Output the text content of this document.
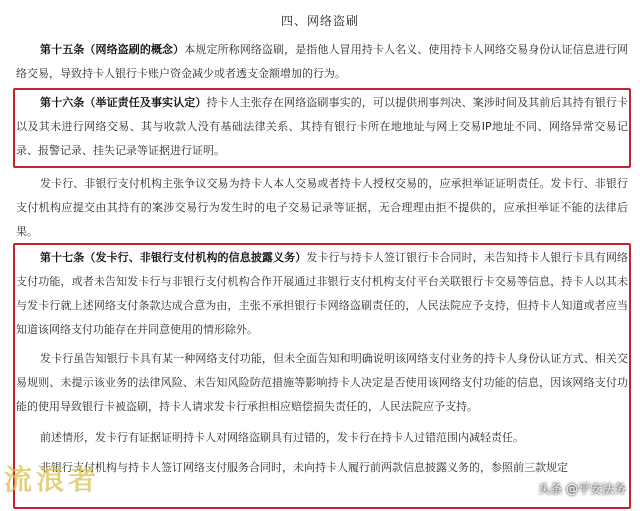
四、网络盗刷
第十五条（网络盗刷的概念）本规定所称网络盗刷，是指他人冒用持卡人名义、使用持卡人网络交易身份认证信息进行网络交易，导致持卡人银行卡账户资金减少或者透支金额增加的行为。
第十六条（举证责任及事实认定）持卡人主张存在网络盗刷事实的，可以提供刑事判决、案涉时间及其前后其持有银行卡以及其未进行网络交易、其与收款人没有基础法律关系、其持有银行卡所在地地址与网上交易IP地址不同、网络异常交易记录、报警记录、挂失记录等证据进行证明。
发卡行、非银行支付机构主张争议交易为持卡人本人交易或者持卡人授权交易的，应承担举证证明责任。发卡行、非银行支付机构应提交由其持有的案涉交易行为发生时的电子交易记录等证据，无合理理由拒不提供的，应承担举证不能的法律后果。
第十七条（发卡行、非银行支付机构的信息披露义务）发卡行与持卡人签订银行卡合同时，未告知持卡人银行卡具有网络支付功能，或者未告知发卡行与非银行支付机构合作开展通过非银行支付机构支付平台关联银行卡交易等信息，持卡人以其未与发卡行就上述网络支付条款达成合意为由，主张不承担银行卡网络盗刷责任的，人民法院应予支持，但持卡人知道或者应当知道该网络支付功能存在并同意使用的情形除外。
发卡行虽告知银行卡具有某一种网络支付功能，但未全面告知和明确说明该网络支付业务的持卡人身份认证方式、相关交易规则、未提示该业务的法律风险、未告知风险防范措施等影响持卡人决定是否使用该网络支付功能的信息，因该网络支付功能的使用导致银行卡被盗刷，持卡人请求发卡行承担相应赔偿损失责任的，人民法院应予支持。
前述情形，发卡行有证据证明持卡人对网络盗刷具有过错的，发卡行在持卡人过错范围内减轻责任。
非银行支付机构与持卡人签订网络支付服务合同时，未向持卡人履行前两款信息披露义务的，参照前三款规定
流浪者	头条 @平安法务
